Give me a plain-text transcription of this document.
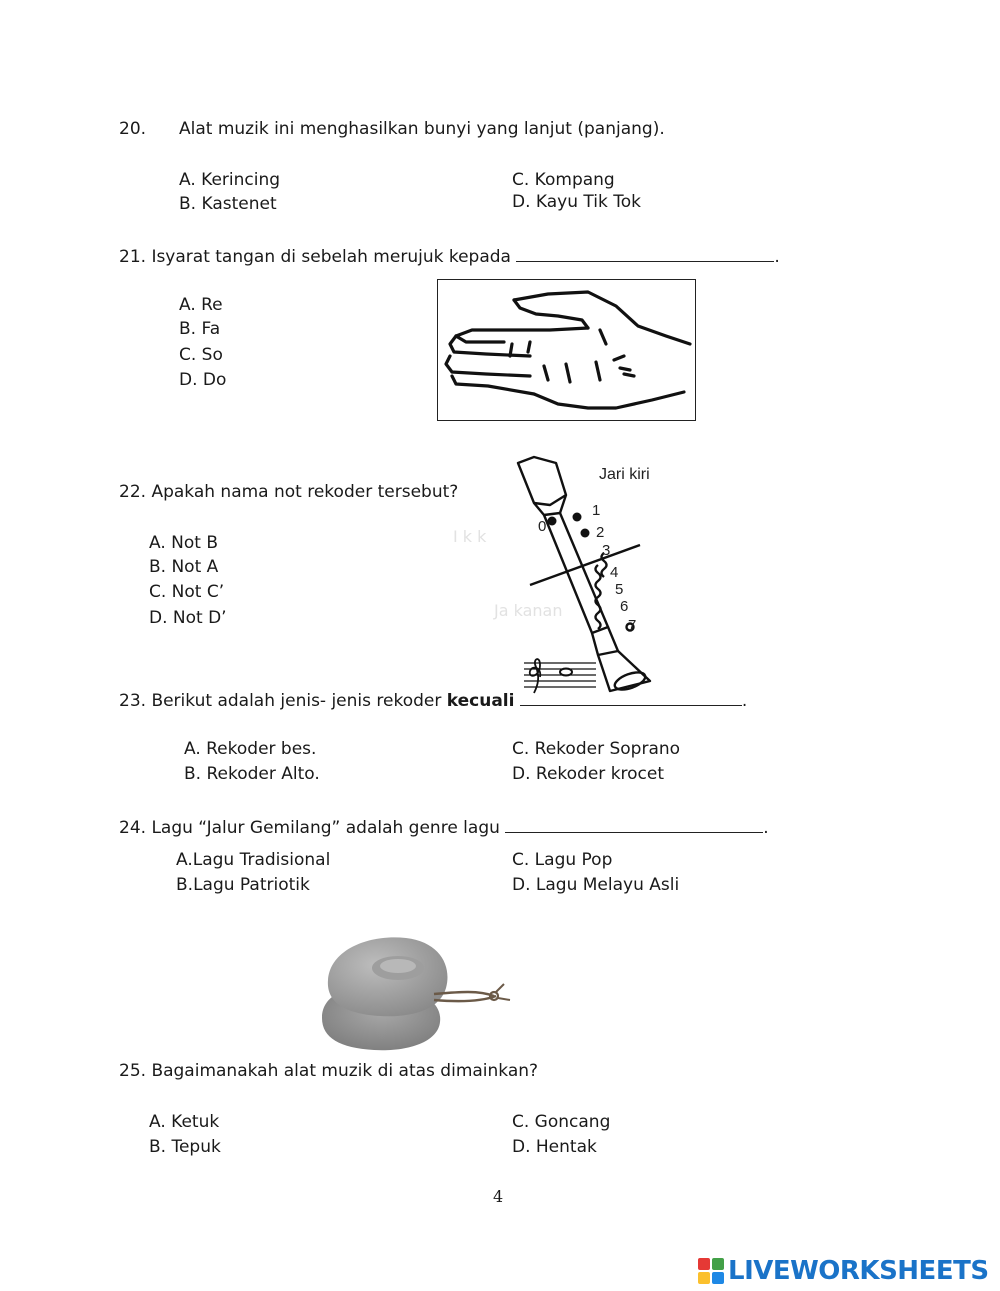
20. Alat muzik ini menghasilkan bunyi yang lanjut (panjang).
A. Kerincing
B. Kastenet
C. Kompang
D. Kayu Tik Tok
21. Isyarat tangan di sebelah merujuk kepada	.
A. Re
B. Fa
C. So
D. Do
22. Apakah nama not rekoder tersebut?
A. Not B
B. Not A
C. Not C’
D. Not D’
I k k
Ja kanan
Jari kiri
0
1
2
3
4
5
6
7
23. Berikut adalah jenis- jenis rekoder kecuali	.
A. Rekoder bes.
B. Rekoder Alto.
C. Rekoder Soprano
D. Rekoder krocet
24. Lagu “Jalur Gemilang” adalah genre lagu	.
A.Lagu Tradisional
B.Lagu Patriotik
C. Lagu Pop
D. Lagu Melayu Asli
25. Bagaimanakah alat muzik di atas dimainkan?
A. Ketuk
B. Tepuk
C. Goncang
D. Hentak
4
LIVEWORKSHEETS
